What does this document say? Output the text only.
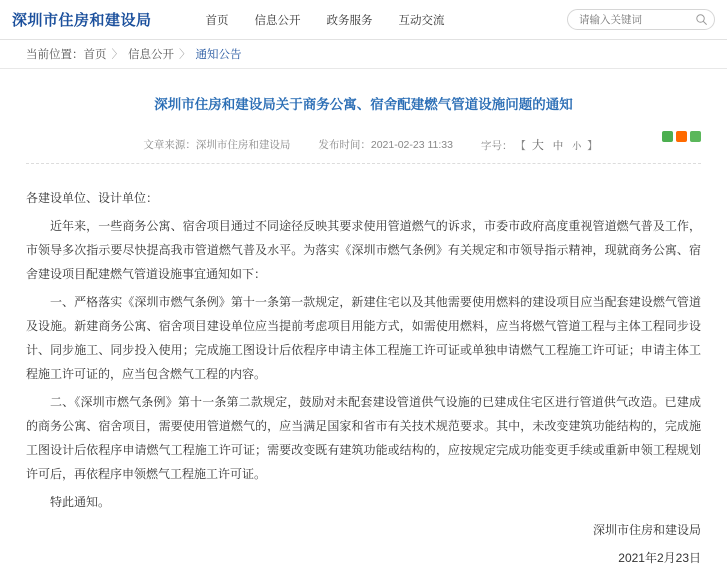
深圳市住房和建设局	首页 信息公开 政务服务 互动交流
请输入关键词
当前位置： 首页 〉 信息公开 〉 通知公告
深圳市住房和建设局关于商务公寓、宿舍配建燃气管道设施问题的通知
文章来源：深圳市住房和建设局	发布时间：2021-02-23 11:33	字号： 【 大 中 小 】

各建设单位、设计单位：

近年来，一些商务公寓、宿舍项目通过不同途径反映其要求使用管道燃气的诉求，市委市政府高度重视管道燃气普及工作，市领导多次指示要尽快提高我市管道燃气普及水平。为落实《深圳市燃气条例》有关规定和市领导指示精神，现就商务公寓、宿舍建设项目配建燃气管道设施事宜通知如下：

一、严格落实《深圳市燃气条例》第十一条第一款规定，新建住宅以及其他需要使用燃料的建设项目应当配套建设燃气管道及设施。新建商务公寓、宿舍项目建设单位应当提前考虑项目用能方式，如需使用燃料，应当将燃气管道工程与主体工程同步设计、同步施工、同步投入使用；完成施工图设计后依程序申请主体工程施工许可证或单独申请燃气工程施工许可证；申请主体工程施工许可证的，应当包含燃气工程的内容。

二、《深圳市燃气条例》第十一条第二款规定，鼓励对未配套建设管道供气设施的已建成住宅区进行管道供气改造。已建成的商务公寓、宿舍项目，需要使用管道燃气的，应当满足国家和省市有关技术规范要求。其中，未改变建筑功能结构的，完成施工图设计后依程序申请燃气工程施工许可证；需要改变既有建筑功能或结构的，应按规定完成功能变更手续或重新申领工程规划许可后，再依程序申领燃气工程施工许可证。

特此通知。

深圳市住房和建设局

2021年2月23日
